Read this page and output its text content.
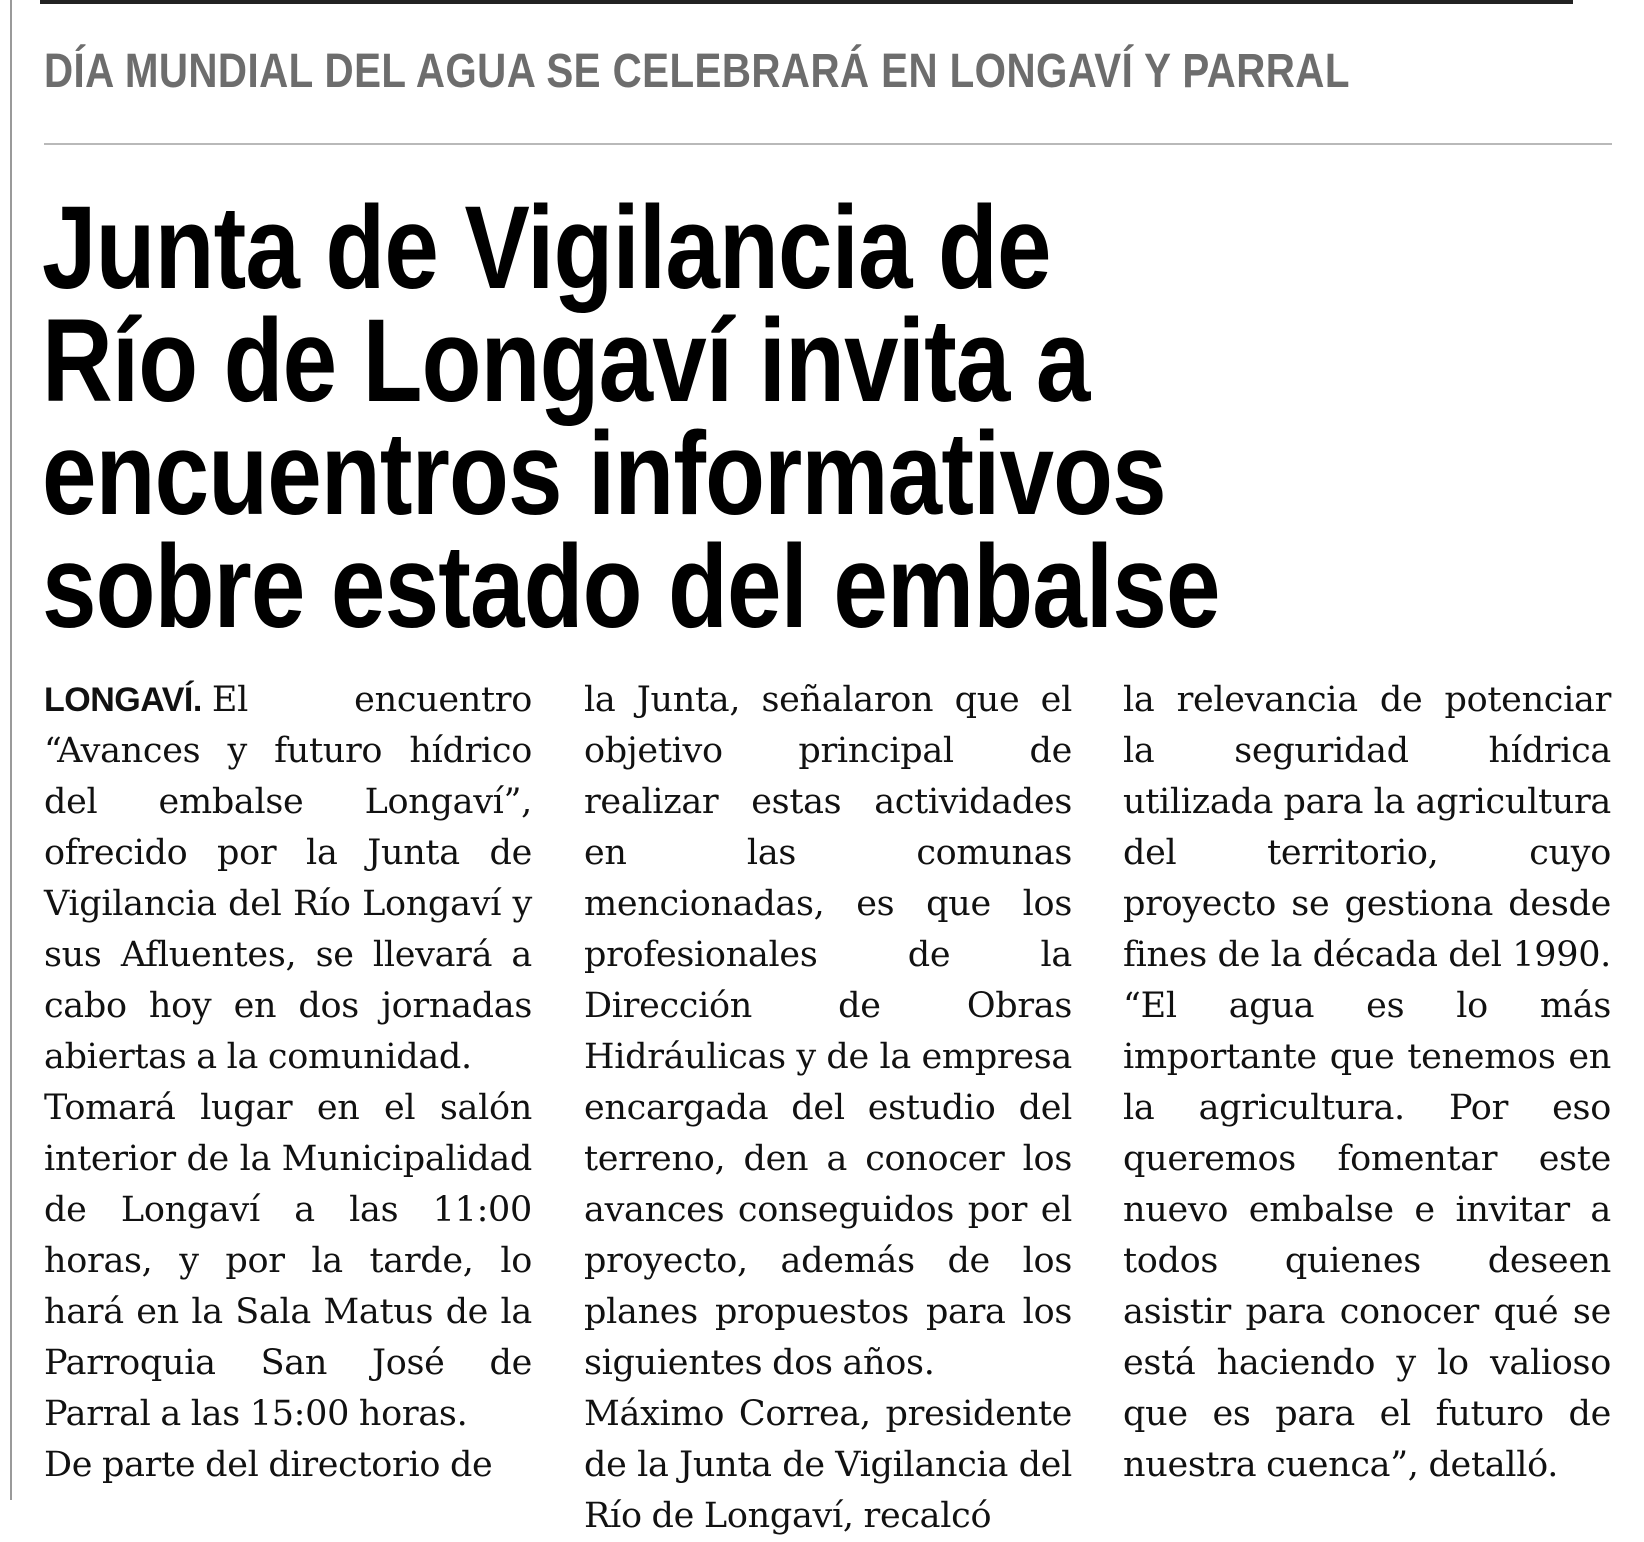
DÍA MUNDIAL DEL AGUA SE CELEBRARÁ EN LONGAVÍ Y PARRAL
Junta de Vigilancia de
Río de Longaví invita a
encuentros informativos
sobre estado del embalse

LONGAVÍ. El encuentro “Avances y futuro hídrico del embalse Longaví”, ofrecido por la Junta de Vigilancia del Río Longaví y sus Afluentes, se llevará a cabo hoy en dos jornadas abiertas a la comunidad.

Tomará lugar en el salón interior de la Municipalidad de Longaví a las 11:00 horas, y por la tarde, lo hará en la Sala Matus de la Parroquia San José de Parral a las 15:00 horas.

De parte del directorio de

la Junta, señalaron que el objetivo principal de realizar estas actividades en las comunas mencionadas, es que los profesionales de la Dirección de Obras Hidráulicas y de la empresa encargada del estudio del terreno, den a conocer los avances conseguidos por el proyecto, además de los planes propuestos para los siguientes dos años.

Máximo Correa, presidente de la Junta de Vigilancia del Río de Longaví, recalcó

la relevancia de potenciar la seguridad hídrica utilizada para la agricultura del territorio, cuyo proyecto se gestiona desde fines de la década del 1990. “El agua es lo más importante que tenemos en la agricultura. Por eso queremos fomentar este nuevo embalse e invitar a todos quienes deseen asistir para conocer qué se está haciendo y lo valioso que es para el futuro de nuestra cuenca”, detalló.
